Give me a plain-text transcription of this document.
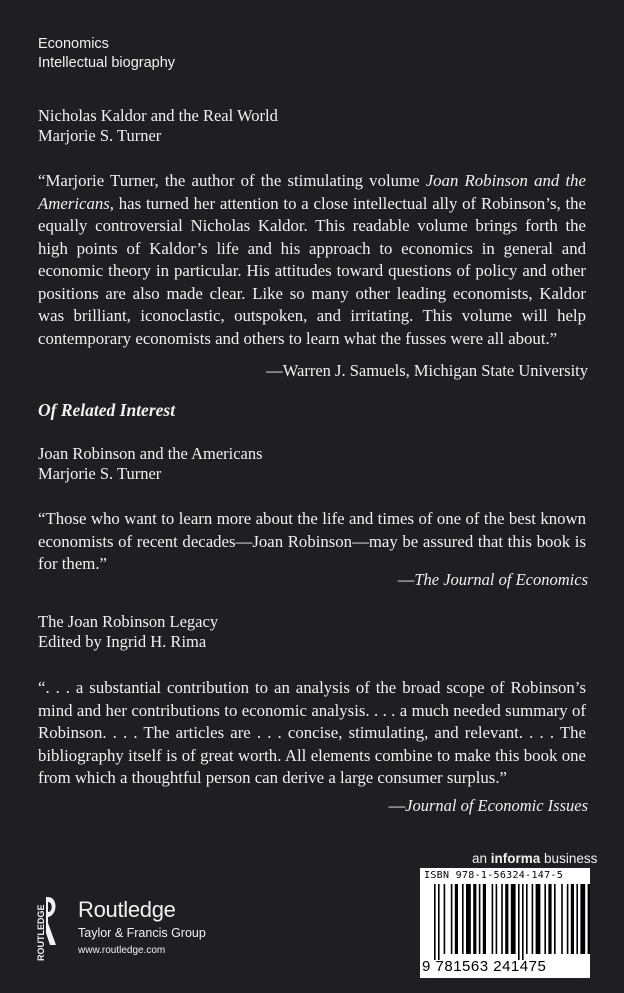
Economics
Intellectual biography
Nicholas Kaldor and the Real World
Marjorie S. Turner
“Marjorie Turner, the author of the stimulating volume Joan Robinson and the Americans, has turned her attention to a close intellectual ally of Robinson’s, the equally controversial Nicholas Kaldor. This readable volume brings forth the high points of Kaldor’s life and his approach to economics in general and economic theory in particular. His attitudes toward questions of policy and other positions are also made clear. Like so many other leading economists, Kaldor was brilliant, iconoclastic, outspoken, and irritating. This volume will help contemporary economists and others to learn what the fusses were all about.”
—Warren J. Samuels, Michigan State University
Of Related Interest
Joan Robinson and the Americans
Marjorie S. Turner
“Those who want to learn more about the life and times of one of the best known economists of recent decades—Joan Robinson—may be assured that this book is for them.”
—The Journal of Economics
The Joan Robinson Legacy
Edited by Ingrid H. Rima
“. . . a substantial contribution to an analysis of the broad scope of Robinson’s mind and her contributions to economic analysis. . . . a much needed summary of Robinson. . . . The articles are . . . concise, stimulating, and relevant. . . . The bibliography itself is of great worth. All elements combine to make this book one from which a thoughtful person can derive a large consumer surplus.”
—Journal of Economic Issues
an informa business
ROUTLEDGE Routledge
Taylor & Francis Group
www.routledge.com
ISBN 978-1-56324-147-5
9 781563 241475
